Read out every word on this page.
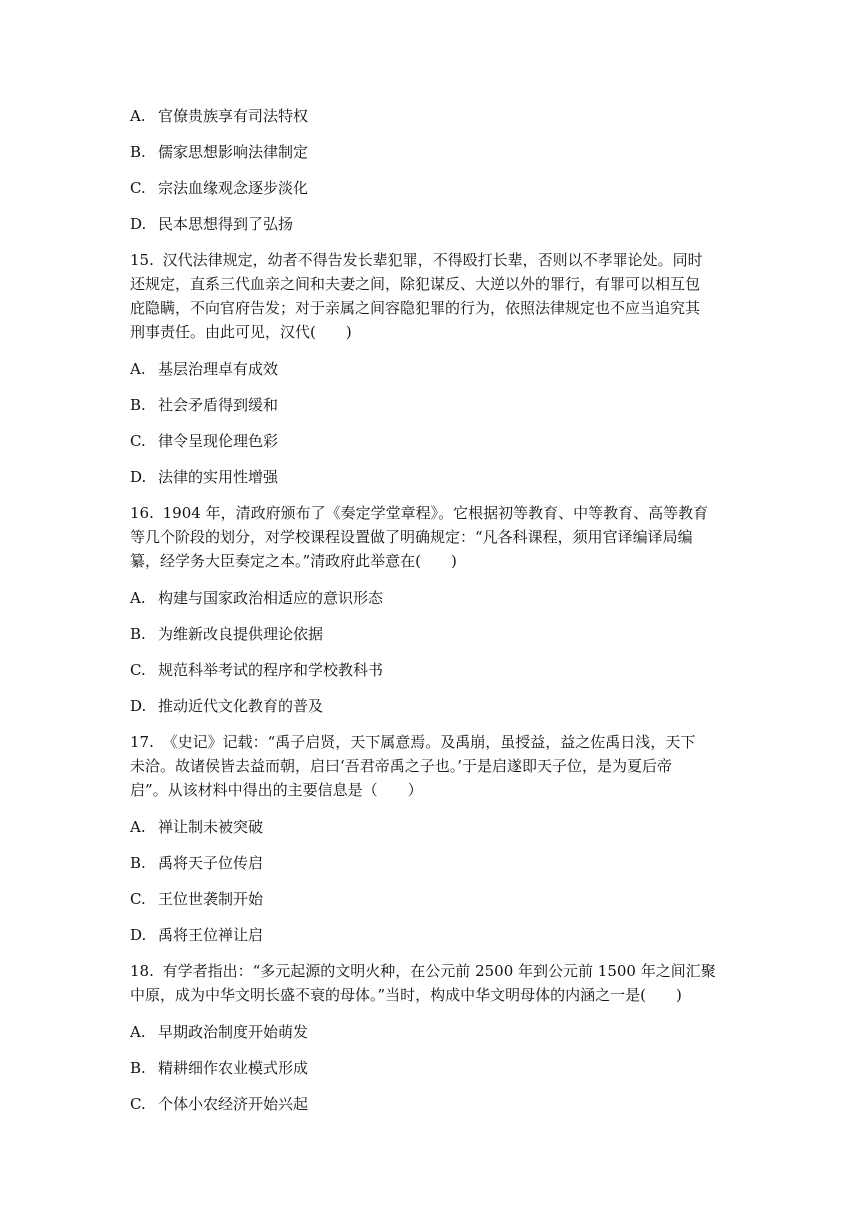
A. 官僚贵族享有司法特权
B. 儒家思想影响法律制定
C. 宗法血缘观念逐步淡化
D. 民本思想得到了弘扬
15. 汉代法律规定，幼者不得告发长辈犯罪，不得殴打长辈，否则以不孝罪论处。同时
还规定，直系三代血亲之间和夫妻之间，除犯谋反、大逆以外的罪行，有罪可以相互包
庇隐瞒，不向官府告发；对于亲属之间容隐犯罪的行为，依照法律规定也不应当追究其
刑事责任。由此可见，汉代(　　)
A. 基层治理卓有成效
B. 社会矛盾得到缓和
C. 律令呈现伦理色彩
D. 法律的实用性增强
16. 1904 年，清政府颁布了《奏定学堂章程》。它根据初等教育、中等教育、高等教育
等几个阶段的划分，对学校课程设置做了明确规定：“凡各科课程，须用官译编译局编
纂，经学务大臣奏定之本。”清政府此举意在(　　)
A. 构建与国家政治相适应的意识形态
B. 为维新改良提供理论依据
C. 规范科举考试的程序和学校教科书
D. 推动近代文化教育的普及
17. 《史记》记载：“禹子启贤，天下属意焉。及禹崩，虽授益，益之佐禹日浅，天下
未洽。故诸侯皆去益而朝，启曰‘吾君帝禹之子也。’于是启遂即天子位，是为夏后帝
启”。从该材料中得出的主要信息是（　　）
A. 禅让制未被突破
B. 禹将天子位传启
C. 王位世袭制开始
D. 禹将王位禅让启
18. 有学者指出：“多元起源的文明火种，在公元前 2500 年到公元前 1500 年之间汇聚
中原，成为中华文明长盛不衰的母体。”当时，构成中华文明母体的内涵之一是(　　)
A. 早期政治制度开始萌发
B. 精耕细作农业模式形成
C. 个体小农经济开始兴起
